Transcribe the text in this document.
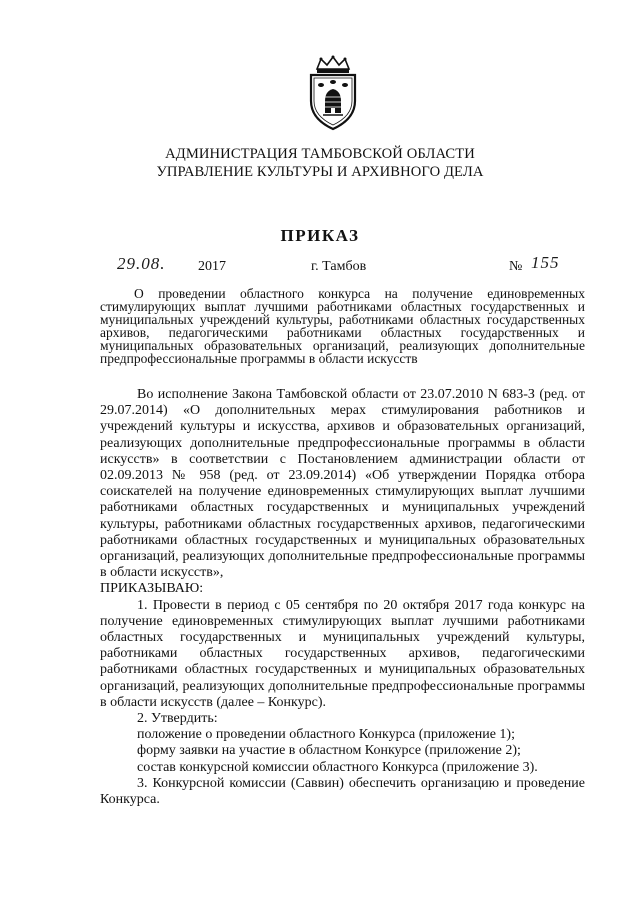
АДМИНИСТРАЦИЯ ТАМБОВСКОЙ ОБЛАСТИ
УПРАВЛЕНИЕ КУЛЬТУРЫ И АРХИВНОГО ДЕЛА
ПРИКАЗ
29.08. 2017	г. Тамбов	№ 155
О проведении областного конкурса на получение единовременных стимулирующих выплат лучшими работниками областных государственных и муниципальных учреждений культуры, работниками областных государственных архивов, педагогическими работниками областных государственных и муниципальных образовательных организаций, реализующих дополнительные предпрофессиональные программы в области искусств

Во исполнение Закона Тамбовской области от 23.07.2010 N 683-З (ред. от 29.07.2014) «О дополнительных мерах стимулирования работников и учреждений культуры и искусства, архивов и образовательных организаций, реализующих дополнительные предпрофессиональные программы в области искусств» в соответствии с Постановлением администрации области от 02.09.2013 № 958 (ред. от 23.09.2014) «Об утверждении Порядка отбора соискателей на получение единовременных стимулирующих выплат лучшими работниками областных государственных и муниципальных учреждений культуры, работниками областных государственных архивов, педагогическими работниками областных государственных и муниципальных образовательных организаций, реализующих дополнительные предпрофессиональные программы в области искусств»,

ПРИКАЗЫВАЮ:

1. Провести в период с 05 сентября по 20 октября 2017 года конкурс на получение единовременных стимулирующих выплат лучшими работниками областных государственных и муниципальных учреждений культуры, работниками областных государственных архивов, педагогическими работниками областных государственных и муниципальных образовательных организаций, реализующих дополнительные предпрофессиональные программы в области искусств (далее – Конкурс).

2. Утвердить:

положение о проведении областного Конкурса (приложение 1);

форму заявки на участие в областном Конкурсе (приложение 2);

состав конкурсной комиссии областного Конкурса (приложение 3).

3. Конкурсной комиссии (Саввин) обеспечить организацию и проведение Конкурса.
